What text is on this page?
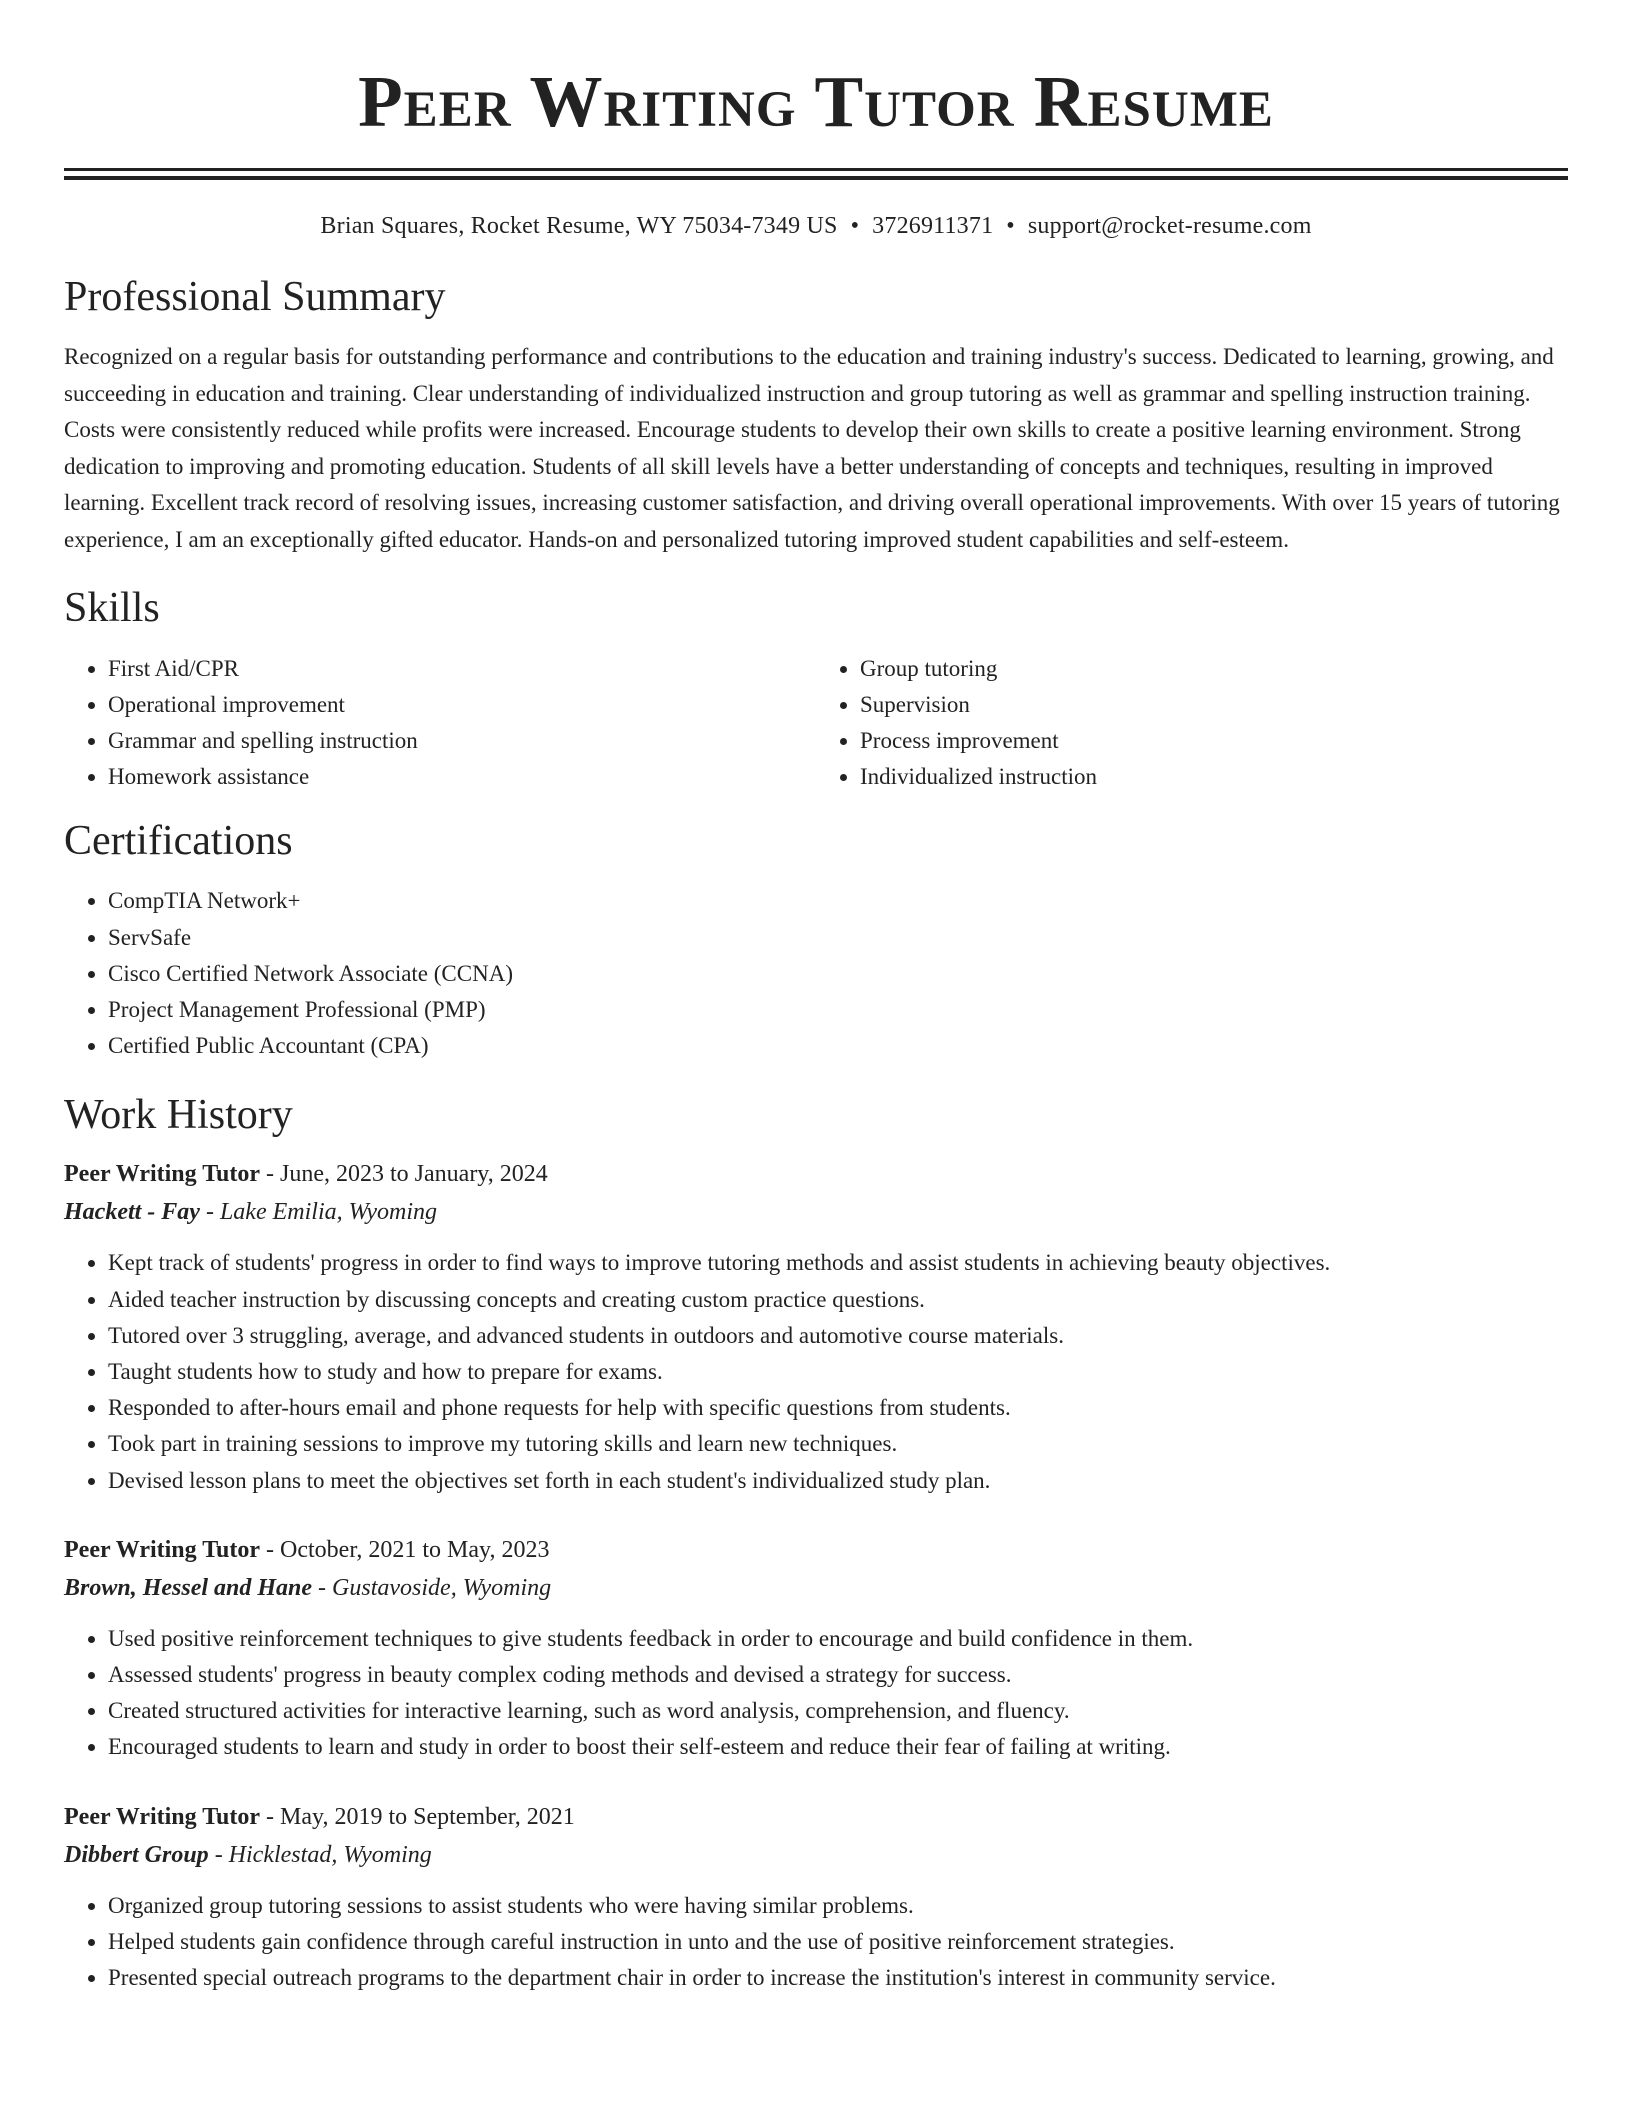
Peer Writing Tutor Resume
Brian Squares, Rocket Resume, WY 75034-7349 US • 3726911371 • support@rocket-resume.com
Professional Summary

Recognized on a regular basis for outstanding performance and contributions to the education and training industry's success. Dedicated to learning, growing, and succeeding in education and training. Clear understanding of individualized instruction and group tutoring as well as grammar and spelling instruction training. Costs were consistently reduced while profits were increased. Encourage students to develop their own skills to create a positive learning environment. Strong dedication to improving and promoting education. Students of all skill levels have a better understanding of concepts and techniques, resulting in improved learning. Excellent track record of resolving issues, increasing customer satisfaction, and driving overall operational improvements. With over 15 years of tutoring experience, I am an exceptionally gifted educator. Hands-on and personalized tutoring improved student capabilities and self-esteem.

Skills
• First Aid/CPR
• Operational improvement
• Grammar and spelling instruction
• Homework assistance
• Group tutoring
• Supervision
• Process improvement
• Individualized instruction
Certifications
• CompTIA Network+
• ServSafe
• Cisco Certified Network Associate (CCNA)
• Project Management Professional (PMP)
• Certified Public Accountant (CPA)
Work History
Peer Writing Tutor - June, 2023 to January, 2024
Hackett - Fay - Lake Emilia, Wyoming
• Kept track of students' progress in order to find ways to improve tutoring methods and assist students in achieving beauty objectives.
• Aided teacher instruction by discussing concepts and creating custom practice questions.
• Tutored over 3 struggling, average, and advanced students in outdoors and automotive course materials.
• Taught students how to study and how to prepare for exams.
• Responded to after-hours email and phone requests for help with specific questions from students.
• Took part in training sessions to improve my tutoring skills and learn new techniques.
• Devised lesson plans to meet the objectives set forth in each student's individualized study plan.
Peer Writing Tutor - October, 2021 to May, 2023
Brown, Hessel and Hane - Gustavoside, Wyoming
• Used positive reinforcement techniques to give students feedback in order to encourage and build confidence in them.
• Assessed students' progress in beauty complex coding methods and devised a strategy for success.
• Created structured activities for interactive learning, such as word analysis, comprehension, and fluency.
• Encouraged students to learn and study in order to boost their self-esteem and reduce their fear of failing at writing.
Peer Writing Tutor - May, 2019 to September, 2021
Dibbert Group - Hicklestad, Wyoming
• Organized group tutoring sessions to assist students who were having similar problems.
• Helped students gain confidence through careful instruction in unto and the use of positive reinforcement strategies.
• Presented special outreach programs to the department chair in order to increase the institution's interest in community service.
